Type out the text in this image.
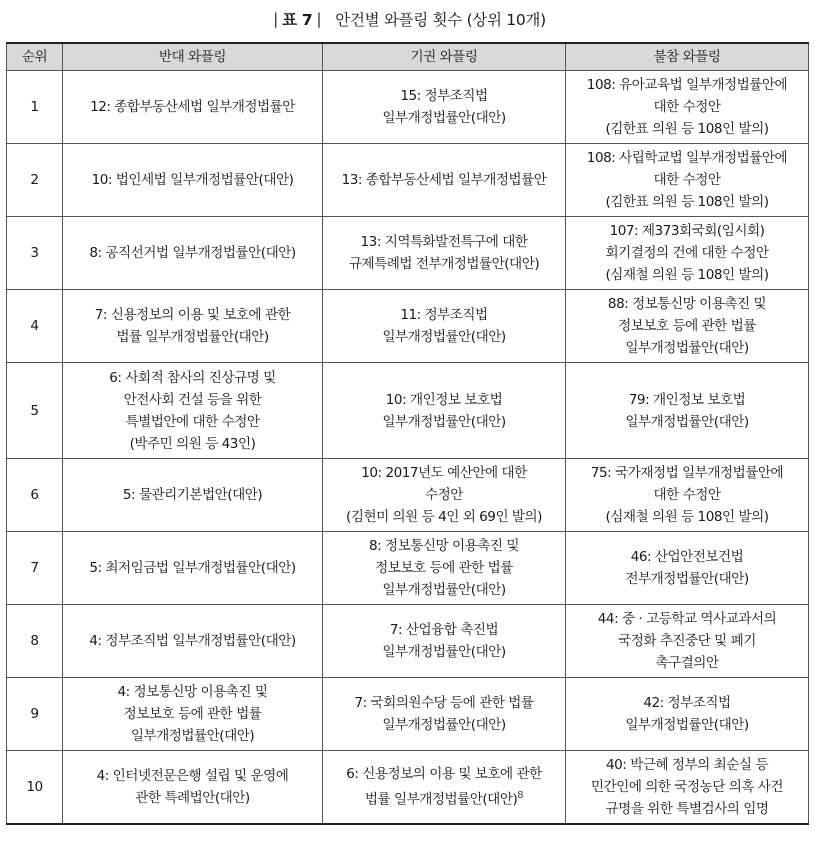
| 표 7 | 안건별 와플링 횟수 (상위 10개)
순위	반대 와플링	기권 와플링	불참 와플링
1	12: 종합부동산세법 일부개정법률안	15: 정부조직법
일부개정법률안(대안)	108: 유아교육법 일부개정법률안에
대한 수정안
(김한표 의원 등 108인 발의)
2	10: 법인세법 일부개정법률안(대안)	13: 종합부동산세법 일부개정법률안	108: 사립학교법 일부개정법률안에
대한 수정안
(김한표 의원 등 108인 발의)
3	8: 공직선거법 일부개정법률안(대안)	13: 지역특화발전특구에 대한
규제특례법 전부개정법률안(대안)	107: 제373회국회(임시회)
회기결정의 건에 대한 수정안
(심재철 의원 등 108인 발의)
4	7: 신용정보의 이용 및 보호에 관한
법률 일부개정법률안(대안)	11: 정부조직법
일부개정법률안(대안)	88: 정보통신망 이용촉진 및
정보보호 등에 관한 법률
일부개정법률안(대안)
5	6: 사회적 참사의 진상규명 및
안전사회 건설 등을 위한
특별법안에 대한 수정안
(박주민 의원 등 43인)	10: 개인정보 보호법
일부개정법률안(대안)	79: 개인정보 보호법
일부개정법률안(대안)
6	5: 물관리기본법안(대안)	10: 2017년도 예산안에 대한
수정안
(김현미 의원 등 4인 외 69인 발의)	75: 국가재정법 일부개정법률안에
대한 수정안
(심재철 의원 등 108인 발의)
7	5: 최저임금법 일부개정법률안(대안)	8: 정보통신망 이용촉진 및
정보보호 등에 관한 법률
일부개정법률안(대안)	46: 산업안전보건법
전부개정법률안(대안)
8	4: 정부조직법 일부개정법률안(대안)	7: 산업융합 촉진법
일부개정법률안(대안)	44: 중 · 고등학교 역사교과서의
국정화 추진중단 및 폐기
촉구결의안
9	4: 정보통신망 이용촉진 및
정보보호 등에 관한 법률
일부개정법률안(대안)	7: 국회의원수당 등에 관한 법률
일부개정법률안(대안)	42: 정부조직법
일부개정법률안(대안)
10	4: 인터넷전문은행 설립 및 운영에
관한 특례법안(대안)	6: 신용정보의 이용 및 보호에 관한
법률 일부개정법률안(대안)$^8$	40: 박근혜 정부의 최순실 등
민간인에 의한 국정농단 의혹 사건
규명을 위한 특별검사의 임명
